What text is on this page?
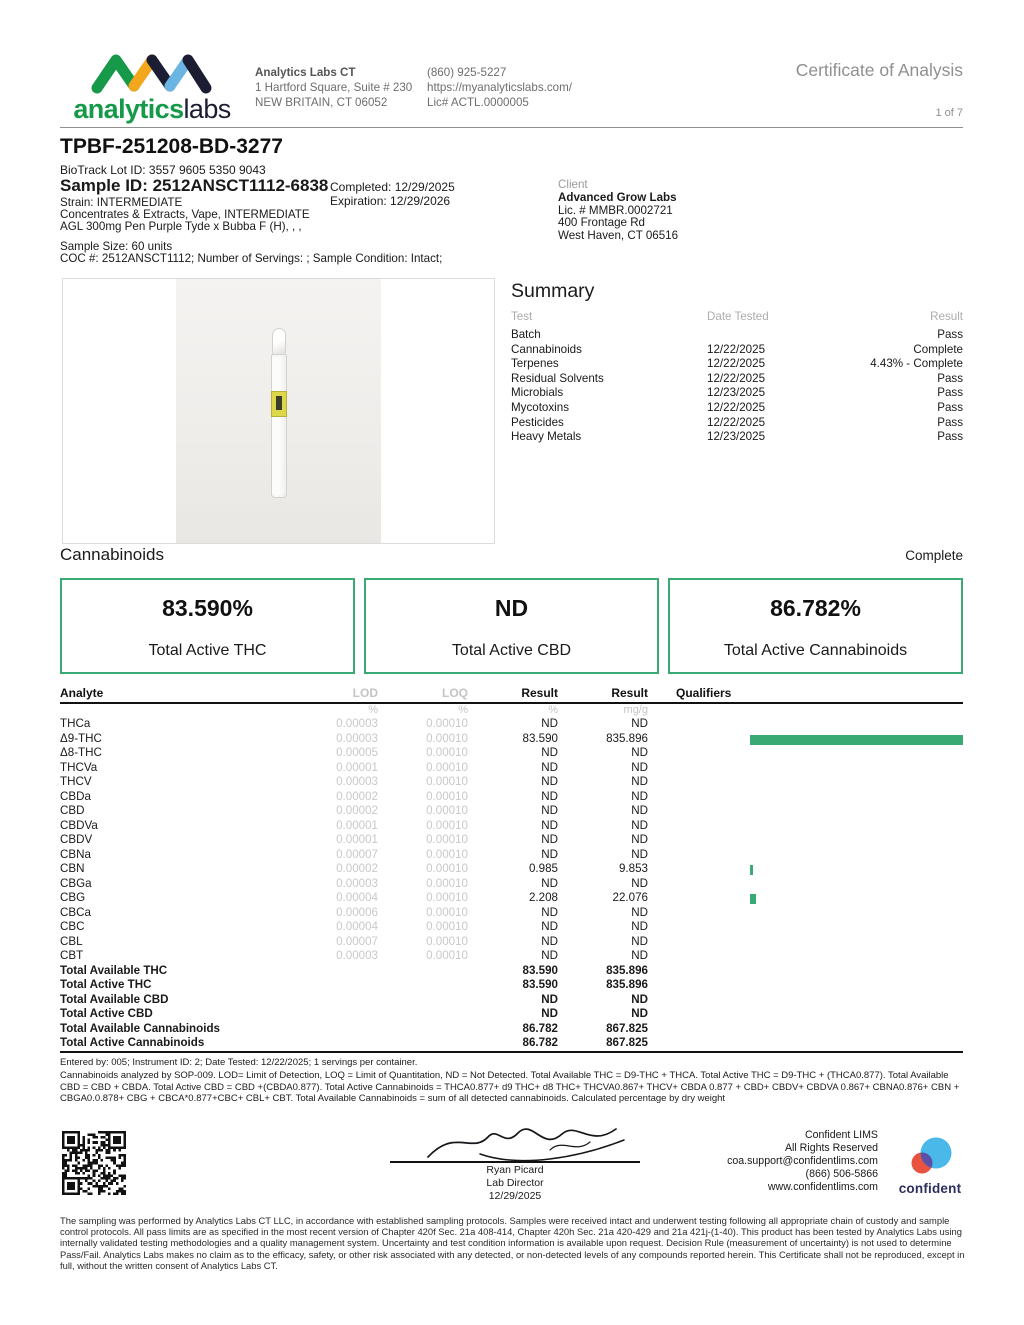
analyticslabs
Analytics Labs CT
1 Hartford Square, Suite # 230
NEW BRITAIN, CT 06052
(860) 925-5227
https://myanalyticslabs.com/
Lic# ACTL.0000005
Certificate of Analysis
1 of 7
TPBF-251208-BD-3277
BioTrack Lot ID: 3557 9605 5350 9043
Sample ID: 2512ANSCT1112-6838
Strain: INTERMEDIATE
Concentrates & Extracts, Vape, INTERMEDIATE
AGL 300mg Pen Purple Tyde x Bubba F (H), , ,
Sample Size: 60 units
COC #: 2512ANSCT1112; Number of Servings: ; Sample Condition: Intact;
Completed: 12/29/2025
Expiration: 12/29/2026
Client
Advanced Grow Labs
Lic. # MMBR.0002721
400 Frontage Rd
West Haven, CT 06516
Summary
Test	Date Tested	Result
Batch		Pass
Cannabinoids	12/22/2025	Complete
Terpenes	12/22/2025	4.43% - Complete
Residual Solvents	12/22/2025	Pass
Microbials	12/23/2025	Pass
Mycotoxins	12/22/2025	Pass
Pesticides	12/22/2025	Pass
Heavy Metals	12/23/2025	Pass
Cannabinoids	Complete
83.590%
Total Active THC
ND
Total Active CBD
86.782%
Total Active Cannabinoids
Analyte	LOD	LOQ	Result	Result	Qualifiers
	%	%	%	mg/g	
THCa	0.00003	0.00010	ND	ND	
Δ9-THC	0.00003	0.00010	83.590	835.896	

Δ8-THC	0.00005	0.00010	ND	ND	
THCVa	0.00001	0.00010	ND	ND	
THCV	0.00003	0.00010	ND	ND	
CBDa	0.00002	0.00010	ND	ND	
CBD	0.00002	0.00010	ND	ND	
CBDVa	0.00001	0.00010	ND	ND	
CBDV	0.00001	0.00010	ND	ND	
CBNa	0.00007	0.00010	ND	ND	
CBN	0.00002	0.00010	0.985	9.853	

CBGa	0.00003	0.00010	ND	ND	
CBG	0.00004	0.00010	2.208	22.076	

CBCa	0.00006	0.00010	ND	ND	
CBC	0.00004	0.00010	ND	ND	
CBL	0.00007	0.00010	ND	ND	
CBT	0.00003	0.00010	ND	ND	
Total Available THC			83.590	835.896	
Total Active THC			83.590	835.896	
Total Available CBD			ND	ND	
Total Active CBD			ND	ND	
Total Available Cannabinoids			86.782	867.825	
Total Active Cannabinoids			86.782	867.825	
Entered by: 005; Instrument ID: 2; Date Tested: 12/22/2025; 1 servings per container.
Cannabinoids analyzed by SOP-009. LOD= Limit of Detection, LOQ = Limit of Quantitation, ND = Not Detected. Total Available THC = D9-THC + THCA. Total Active THC = D9-THC + (THCA0.877). Total Available CBD = CBD + CBDA. Total Active CBD = CBD +(CBDA0.877). Total Active Cannabinoids = THCA0.877+ d9 THC+ d8 THC+ THCVA0.867+ THCV+ CBDA 0.877 + CBD+ CBDV+ CBDVA 0.867+ CBNA0.876+ CBN + CBGA0.0.878+ CBG + CBCA*0.877+CBC+ CBL+ CBT. Total Available Cannabinoids = sum of all detected cannabinoids. Calculated percentage by dry weight
Ryan Picard
Lab Director
12/29/2025
Confident LIMS
All Rights Reserved
coa.support@confidentlims.com
(866) 506-5866
www.confidentlims.com	confident
The sampling was performed by Analytics Labs CT LLC, in accordance with established sampling protocols. Samples were received intact and underwent testing following all appropriate chain of custody and sample control protocols. All pass limits are as specified in the most recent version of Chapter 420f Sec. 21a 408-414, Chapter 420h Sec. 21a 420-429 and 21a 421j-(1-40). This product has been tested by Analytics Labs using internally validated testing methodologies and a quality management system. Uncertainty and test condition information is available upon request. Decision Rule (measurement of uncertainty) is not used to determine Pass/Fail. Analytics Labs makes no claim as to the efficacy, safety, or other risk associated with any detected, or non-detected levels of any compounds reported herein. This Certificate shall not be reproduced, except in full, without the written consent of Analytics Labs CT.
